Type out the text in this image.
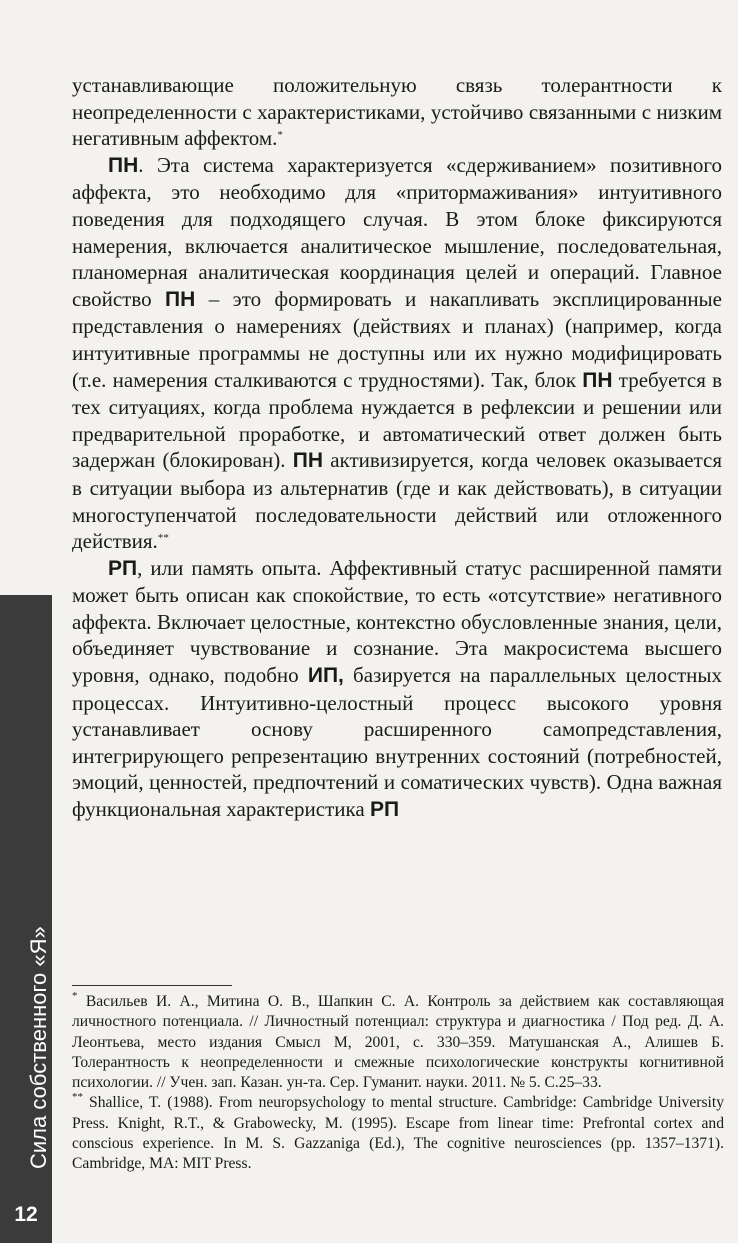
Сила собственного «Я»
12

устанавливающие положительную связь толерантности к неопределенности с характеристиками, устойчиво связанными с низким негативным аффектом.*

ПН. Эта система характеризуется «сдерживанием» позитивного аффекта, это необходимо для «притормаживания» интуитивного поведения для подходящего случая. В этом блоке фиксируются намерения, включается аналитическое мышление, последовательная, планомерная аналитическая координация целей и операций. Главное свойство ПН – это формировать и накапливать эксплицированные представления о намерениях (действиях и планах) (например, когда интуитивные программы не доступны или их нужно модифицировать (т.е. намерения сталкиваются с трудностями). Так, блок ПН требуется в тех ситуациях, когда проблема нуждается в рефлексии и решении или предварительной проработке, и автоматический ответ должен быть задержан (блокирован). ПН активизируется, когда человек оказывается в ситуации выбора из альтернатив (где и как действовать), в ситуации многоступенчатой последовательности действий или отложенного действия.**

РП, или память опыта. Аффективный статус расширенной памяти может быть описан как спокойствие, то есть «отсутствие» негативного аффекта. Включает целостные, контекстно обусловленные знания, цели, объединяет чувствование и сознание. Эта макросистема высшего уровня, однако, подобно ИП, базируется на параллельных целостных процессах. Интуитивно-целостный процесс высокого уровня устанавливает основу расширенного самопредставления, интегрирующего репрезентацию внутренних состояний (потребностей, эмоций, ценностей, предпочтений и соматических чувств). Одна важная функциональная характеристика РП

* Васильев И. А., Митина О. В., Шапкин С. А. Контроль за действием как составляющая личностного потенциала. // Личностный потенциал: структура и диагностика / Под ред. Д. А. Леонтьева, место издания Смысл М, 2001, с. 330–359. Матушанская А., Алишев Б. Толерантность к неопределенности и смежные психологические конструкты когнитивной психологии. // Учен. зап. Казан. ун-та. Сер. Гуманит. науки. 2011. № 5. С.25–33.

** Shallice, T. (1988). From neuropsychology to mental structure. Cambridge: Cambridge University Press. Knight, R.T., & Grabowecky, M. (1995). Escape from linear time: Prefrontal cortex and conscious experience. In M. S. Gazzaniga (Ed.), The cognitive neurosciences (pp. 1357–1371). Cambridge, MA: MIT Press.
